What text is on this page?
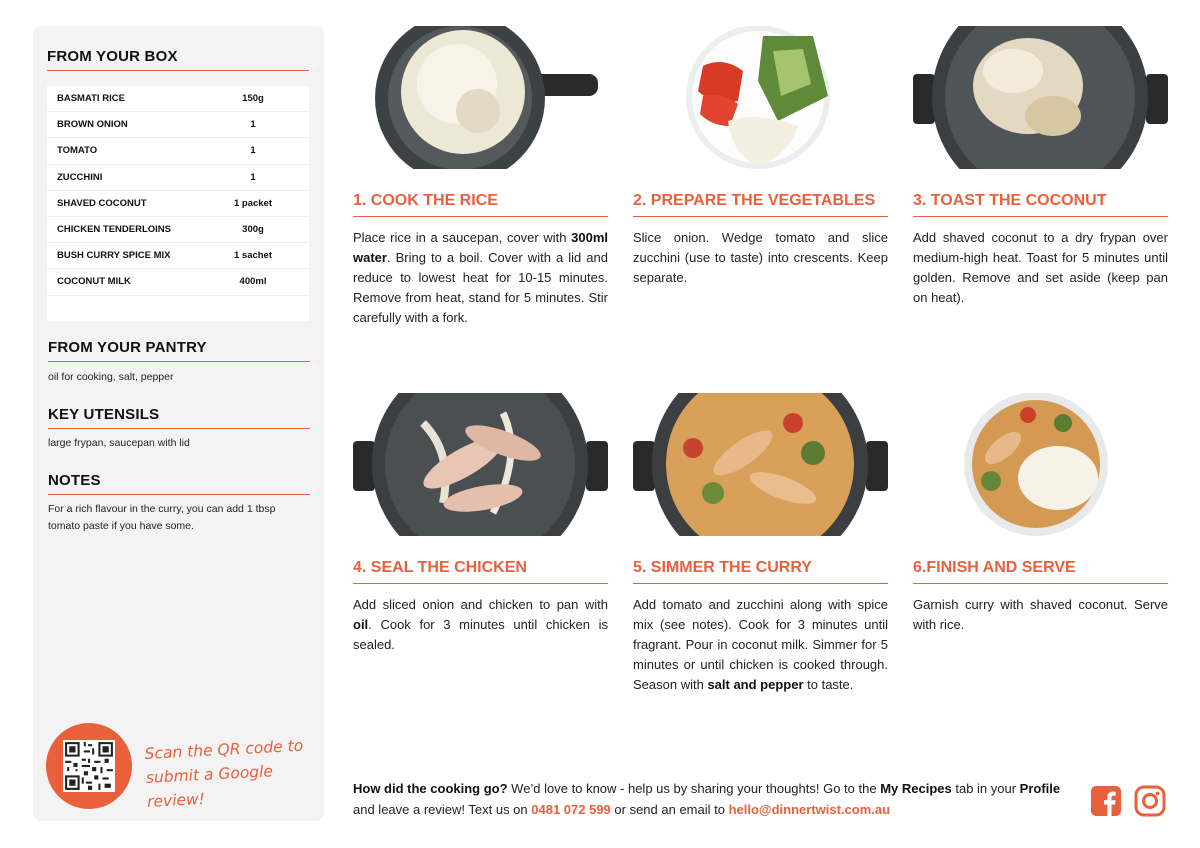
FROM YOUR BOX
BASMATI RICE	150g
BROWN ONION	1
TOMATO	1
ZUCCHINI	1
SHAVED COCONUT	1 packet
CHICKEN TENDERLOINS	300g
BUSH CURRY SPICE MIX	1 sachet
COCONUT MILK	400ml
FROM YOUR PANTRY
oil for cooking, salt, pepper
KEY UTENSILS
large frypan, saucepan with lid
NOTES
For a rich flavour in the curry, you can add 1 tbsp tomato paste if you have some.
Scan the QR code to submit a Google review!
1. COOK THE RICE
Place rice in a saucepan, cover with 300ml water. Bring to a boil. Cover with a lid and reduce to lowest heat for 10-15 minutes. Remove from heat, stand for 5 minutes. Stir carefully with a fork.
2. PREPARE THE VEGETABLES
Slice onion. Wedge tomato and slice zucchini (use to taste) into crescents. Keep separate.
3. TOAST THE COCONUT
Add shaved coconut to a dry frypan over medium-high heat. Toast for 5 minutes until golden. Remove and set aside (keep pan on heat).
4. SEAL THE CHICKEN
Add sliced onion and chicken to pan with oil. Cook for 3 minutes until chicken is sealed.
5. SIMMER THE CURRY
Add tomato and zucchini along with spice mix (see notes). Cook for 3 minutes until fragrant. Pour in coconut milk. Simmer for 5 minutes or until chicken is cooked through. Season with salt and pepper to taste.
6.FINISH AND SERVE
Garnish curry with shaved coconut. Serve with rice.
How did the cooking go? We’d love to know - help us by sharing your thoughts! Go to the My Recipes tab in your Profile and leave a review! Text us on 0481 072 599 or send an email to hello@dinnertwist.com.au
